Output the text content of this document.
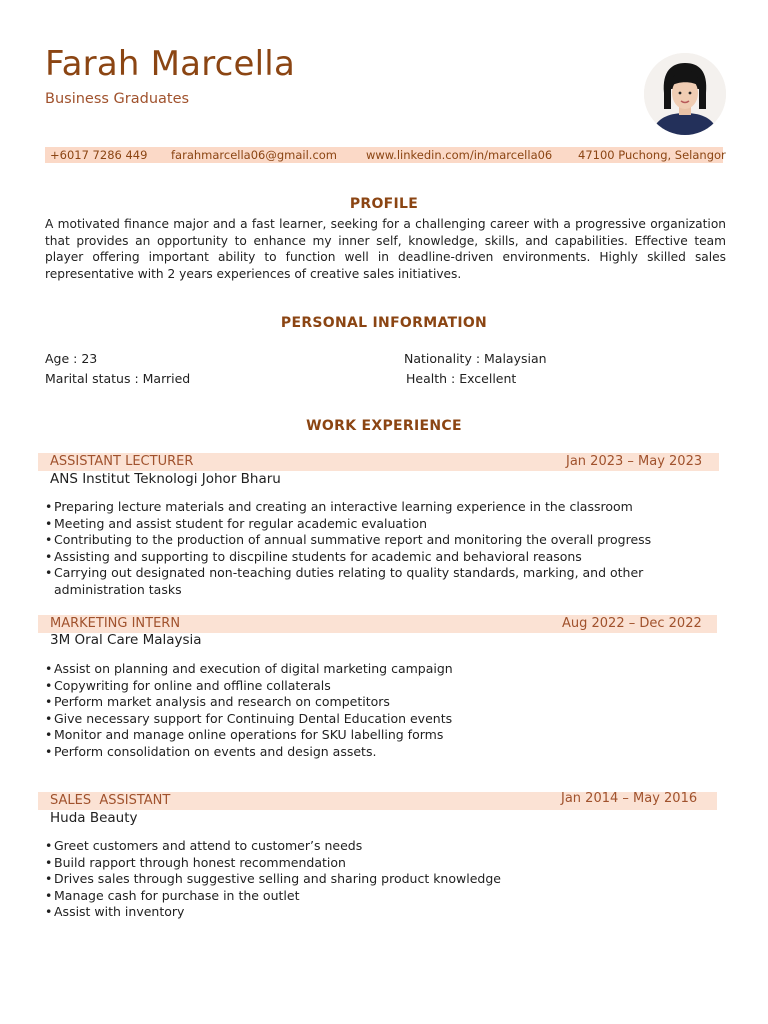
Farah Marcella
Business Graduates
+6017 7286 449 farahmarcella06@gmail.com	www.linkedin.com/in/marcella06 47100 Puchong, Selangor
PROFILE

A motivated finance major and a fast learner, seeking for a challenging career with a progressive organization that provides an opportunity to enhance my inner self, knowledge, skills, and capabilities. Effective team player offering important ability to function well in deadline-driven environments. Highly skilled sales representative with 2 years experiences of creative sales initiatives.

PERSONAL INFORMATION
Age : 23	Nationality : Malaysian
Marital status : Married	Health : Excellent
WORK EXPERIENCE
ASSISTANT LECTURER	Jan 2023 – May 2023
ANS Institut Teknologi Johor Bharu
• Preparing lecture materials and creating an interactive learning experience in the classroom
• Meeting and assist student for regular academic evaluation
• Contributing to the production of annual summative report and monitoring the overall progress
• Assisting and supporting to discpiline students for academic and behavioral reasons
• Carrying out designated non-teaching duties relating to quality standards, marking, and other administration tasks
MARKETING INTERN	Aug 2022 – Dec 2022
3M Oral Care Malaysia
• Assist on planning and execution of digital marketing campaign
• Copywriting for online and offline collaterals
• Perform market analysis and research on competitors
• Give necessary support for Continuing Dental Education events
• Monitor and manage online operations for SKU labelling forms
• Perform consolidation on events and design assets.
SALES  ASSISTANT	Jan 2014 – May 2016
Huda Beauty
• Greet customers and attend to customer’s needs
• Build rapport through honest recommendation
• Drives sales through suggestive selling and sharing product knowledge
• Manage cash for purchase in the outlet
• Assist with inventory
